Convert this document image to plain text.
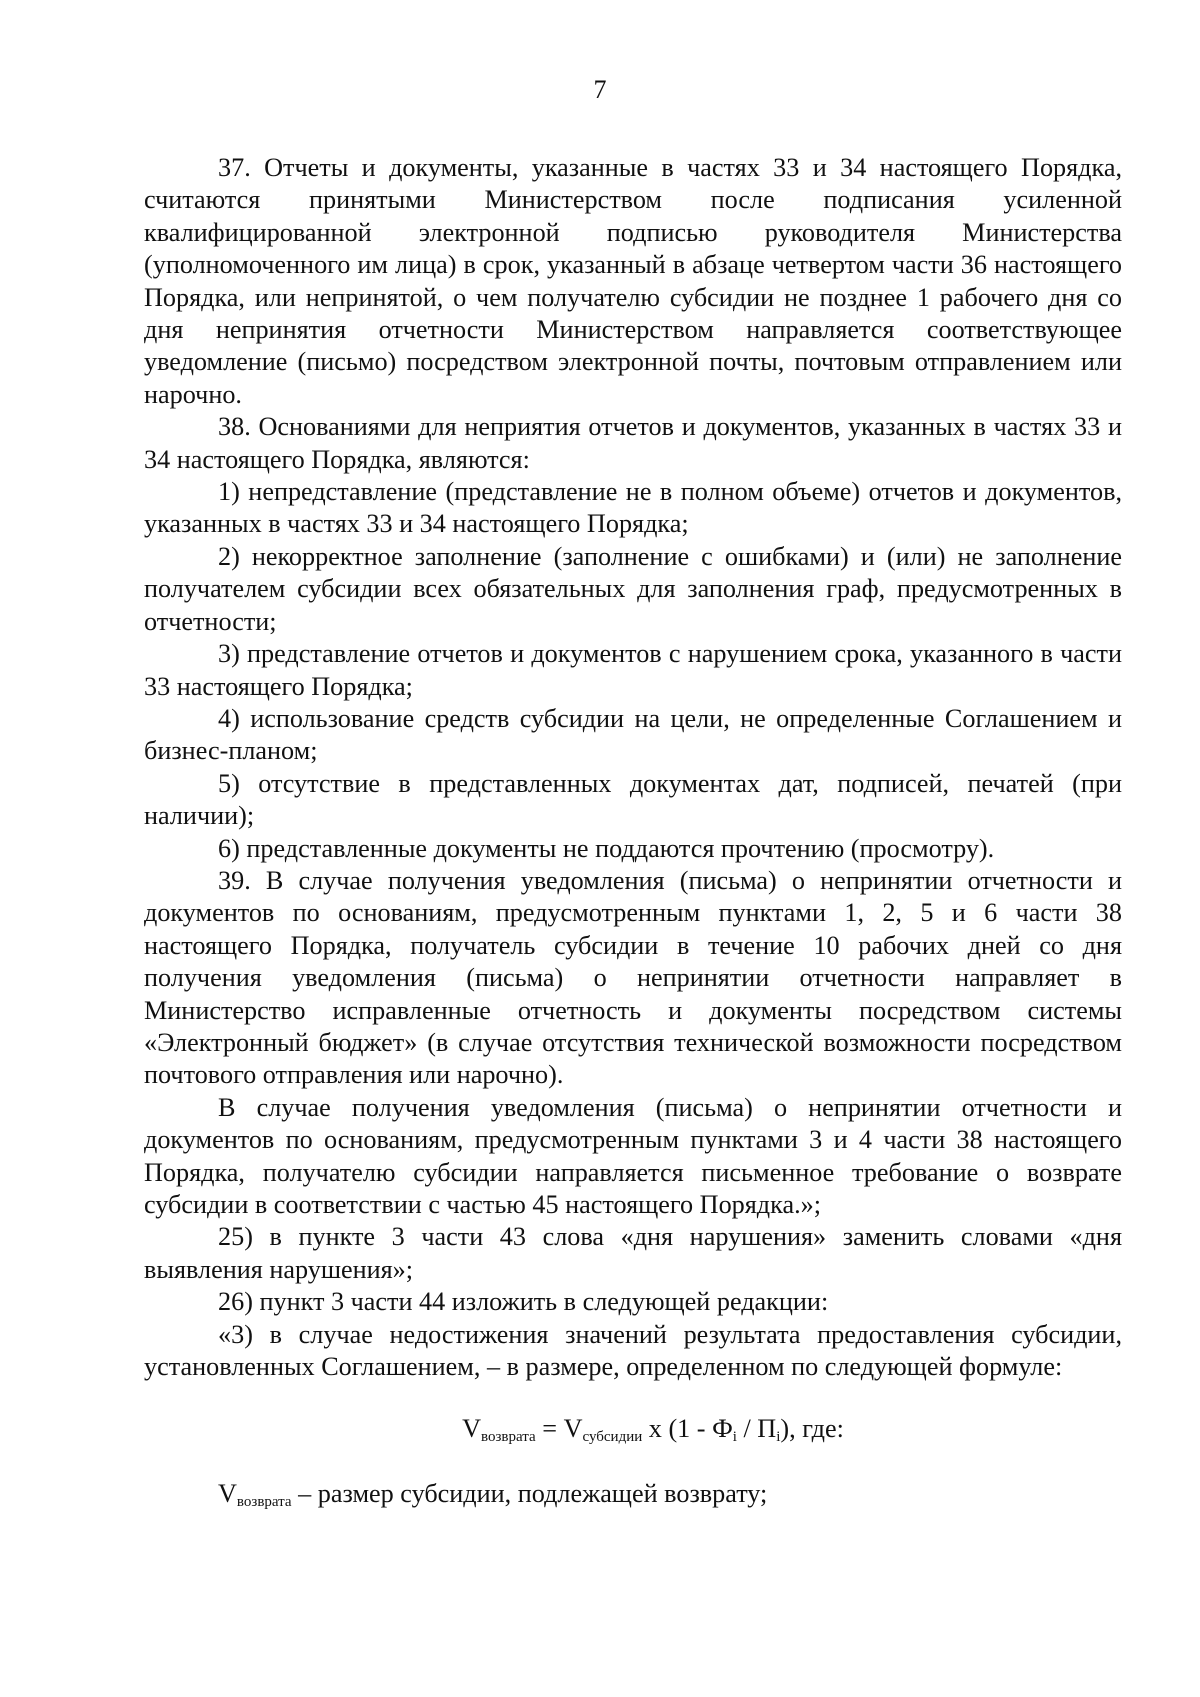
7

37. Отчеты и документы, указанные в частях 33 и 34 настоящего Порядка, считаются принятыми Министерством после подписания усиленной квалифицированной электронной подписью руководителя Министерства (уполномоченного им лица) в срок, указанный в абзаце четвертом части 36 настоящего Порядка, или непринятой, о чем получателю субсидии не позднее 1 рабочего дня со дня непринятия отчетности Министерством направляется соответствующее уведомление (письмо) посредством электронной почты, почтовым отправлением или нарочно.

38. Основаниями для неприятия отчетов и документов, указанных в частях 33 и 34 настоящего Порядка, являются:

1) непредставление (представление не в полном объеме) отчетов и документов, указанных в частях 33 и 34 настоящего Порядка;

2) некорректное заполнение (заполнение с ошибками) и (или) не заполнение получателем субсидии всех обязательных для заполнения граф, предусмотренных в отчетности;

3) представление отчетов и документов с нарушением срока, указанного в части 33 настоящего Порядка;

4) использование средств субсидии на цели, не определенные Соглашением и бизнес-планом;

5) отсутствие в представленных документах дат, подписей, печатей (при наличии);

6) представленные документы не поддаются прочтению (просмотру).

39. В случае получения уведомления (письма) о непринятии отчетности и документов по основаниям, предусмотренным пунктами 1, 2, 5 и 6 части 38 настоящего Порядка, получатель субсидии в течение 10 рабочих дней со дня получения уведомления (письма) о непринятии отчетности направляет в Министерство исправленные отчетность и документы посредством системы «Электронный бюджет» (в случае отсутствия технической возможности посредством почтового отправления или нарочно).

В случае получения уведомления (письма) о непринятии отчетности и документов по основаниям, предусмотренным пунктами 3 и 4 части 38 настоящего Порядка, получателю субсидии направляется письменное требование о возврате субсидии в соответствии с частью 45 настоящего Порядка.»;

25) в пункте 3 части 43 слова «дня нарушения» заменить словами «дня выявления нарушения»;

26) пункт 3 части 44 изложить в следующей редакции:

«3) в случае недостижения значений результата предоставления субсидии, установленных Соглашением, – в размере, определенном по следующей формуле:

$V_{возврата} = V_{субсидии}$ х $(1 - Ф_i / П_i)$, где:

$V_{возврата}$ – размер субсидии, подлежащей возврату;
